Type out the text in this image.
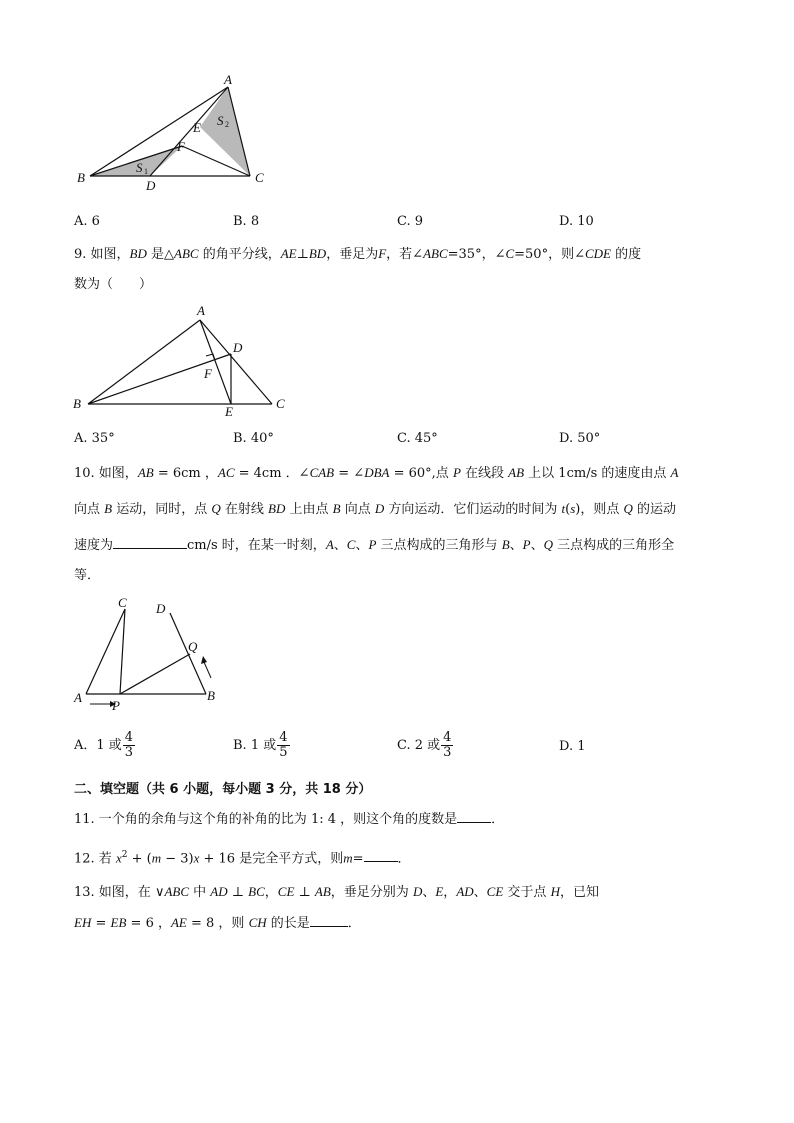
A
B	C
D
E
F
S 1
S 2
A. 6	B. 8	C. 9	D. 10
9. 如图，BD 是△ABC 的角平分线，AE⊥BD，垂足为F，若∠ABC=35°，∠C=50°，则∠CDE 的度
数为（　　）
A
B	C
D
E
F
A. 35°	B. 40°	C. 45°	D. 50°
10. 如图，AB = 6cm ，AC = 4cm ．∠CAB = ∠DBA = 60°,点 P 在线段 AB 上以 1cm/s 的速度由点 A
向点 B 运动，同时，点 Q 在射线 BD 上由点 B 向点 D 方向运动．它们运动的时间为 t(s)，则点 Q 的运动
速度为	cm/s 时，在某一时刻，A、C、P 三点构成的三角形与 B、P、Q 三点构成的三角形全
等．
C D
A	B
P
Q
A．1 或 $\frac{4}{3}$	B. 1 或 $\frac{4}{5}$	C. 2 或 $\frac{4}{3}$	D. 1
二、填空题（共 6 小题，每小题 3 分，共 18 分）
11. 一个角的余角与这个角的补角的比为 1: 4 ，则这个角的度数是	．
12. 若 $x^2 + (m - 3)x + 16$ 是完全平方式，则m=	．
13. 如图，在 ∨ABC 中 AD ⊥ BC，CE ⊥ AB，垂足分别为 D、E，AD、CE 交于点 H，已知
EH = EB = 6 ，AE = 8 ，则 CH 的长是	．
